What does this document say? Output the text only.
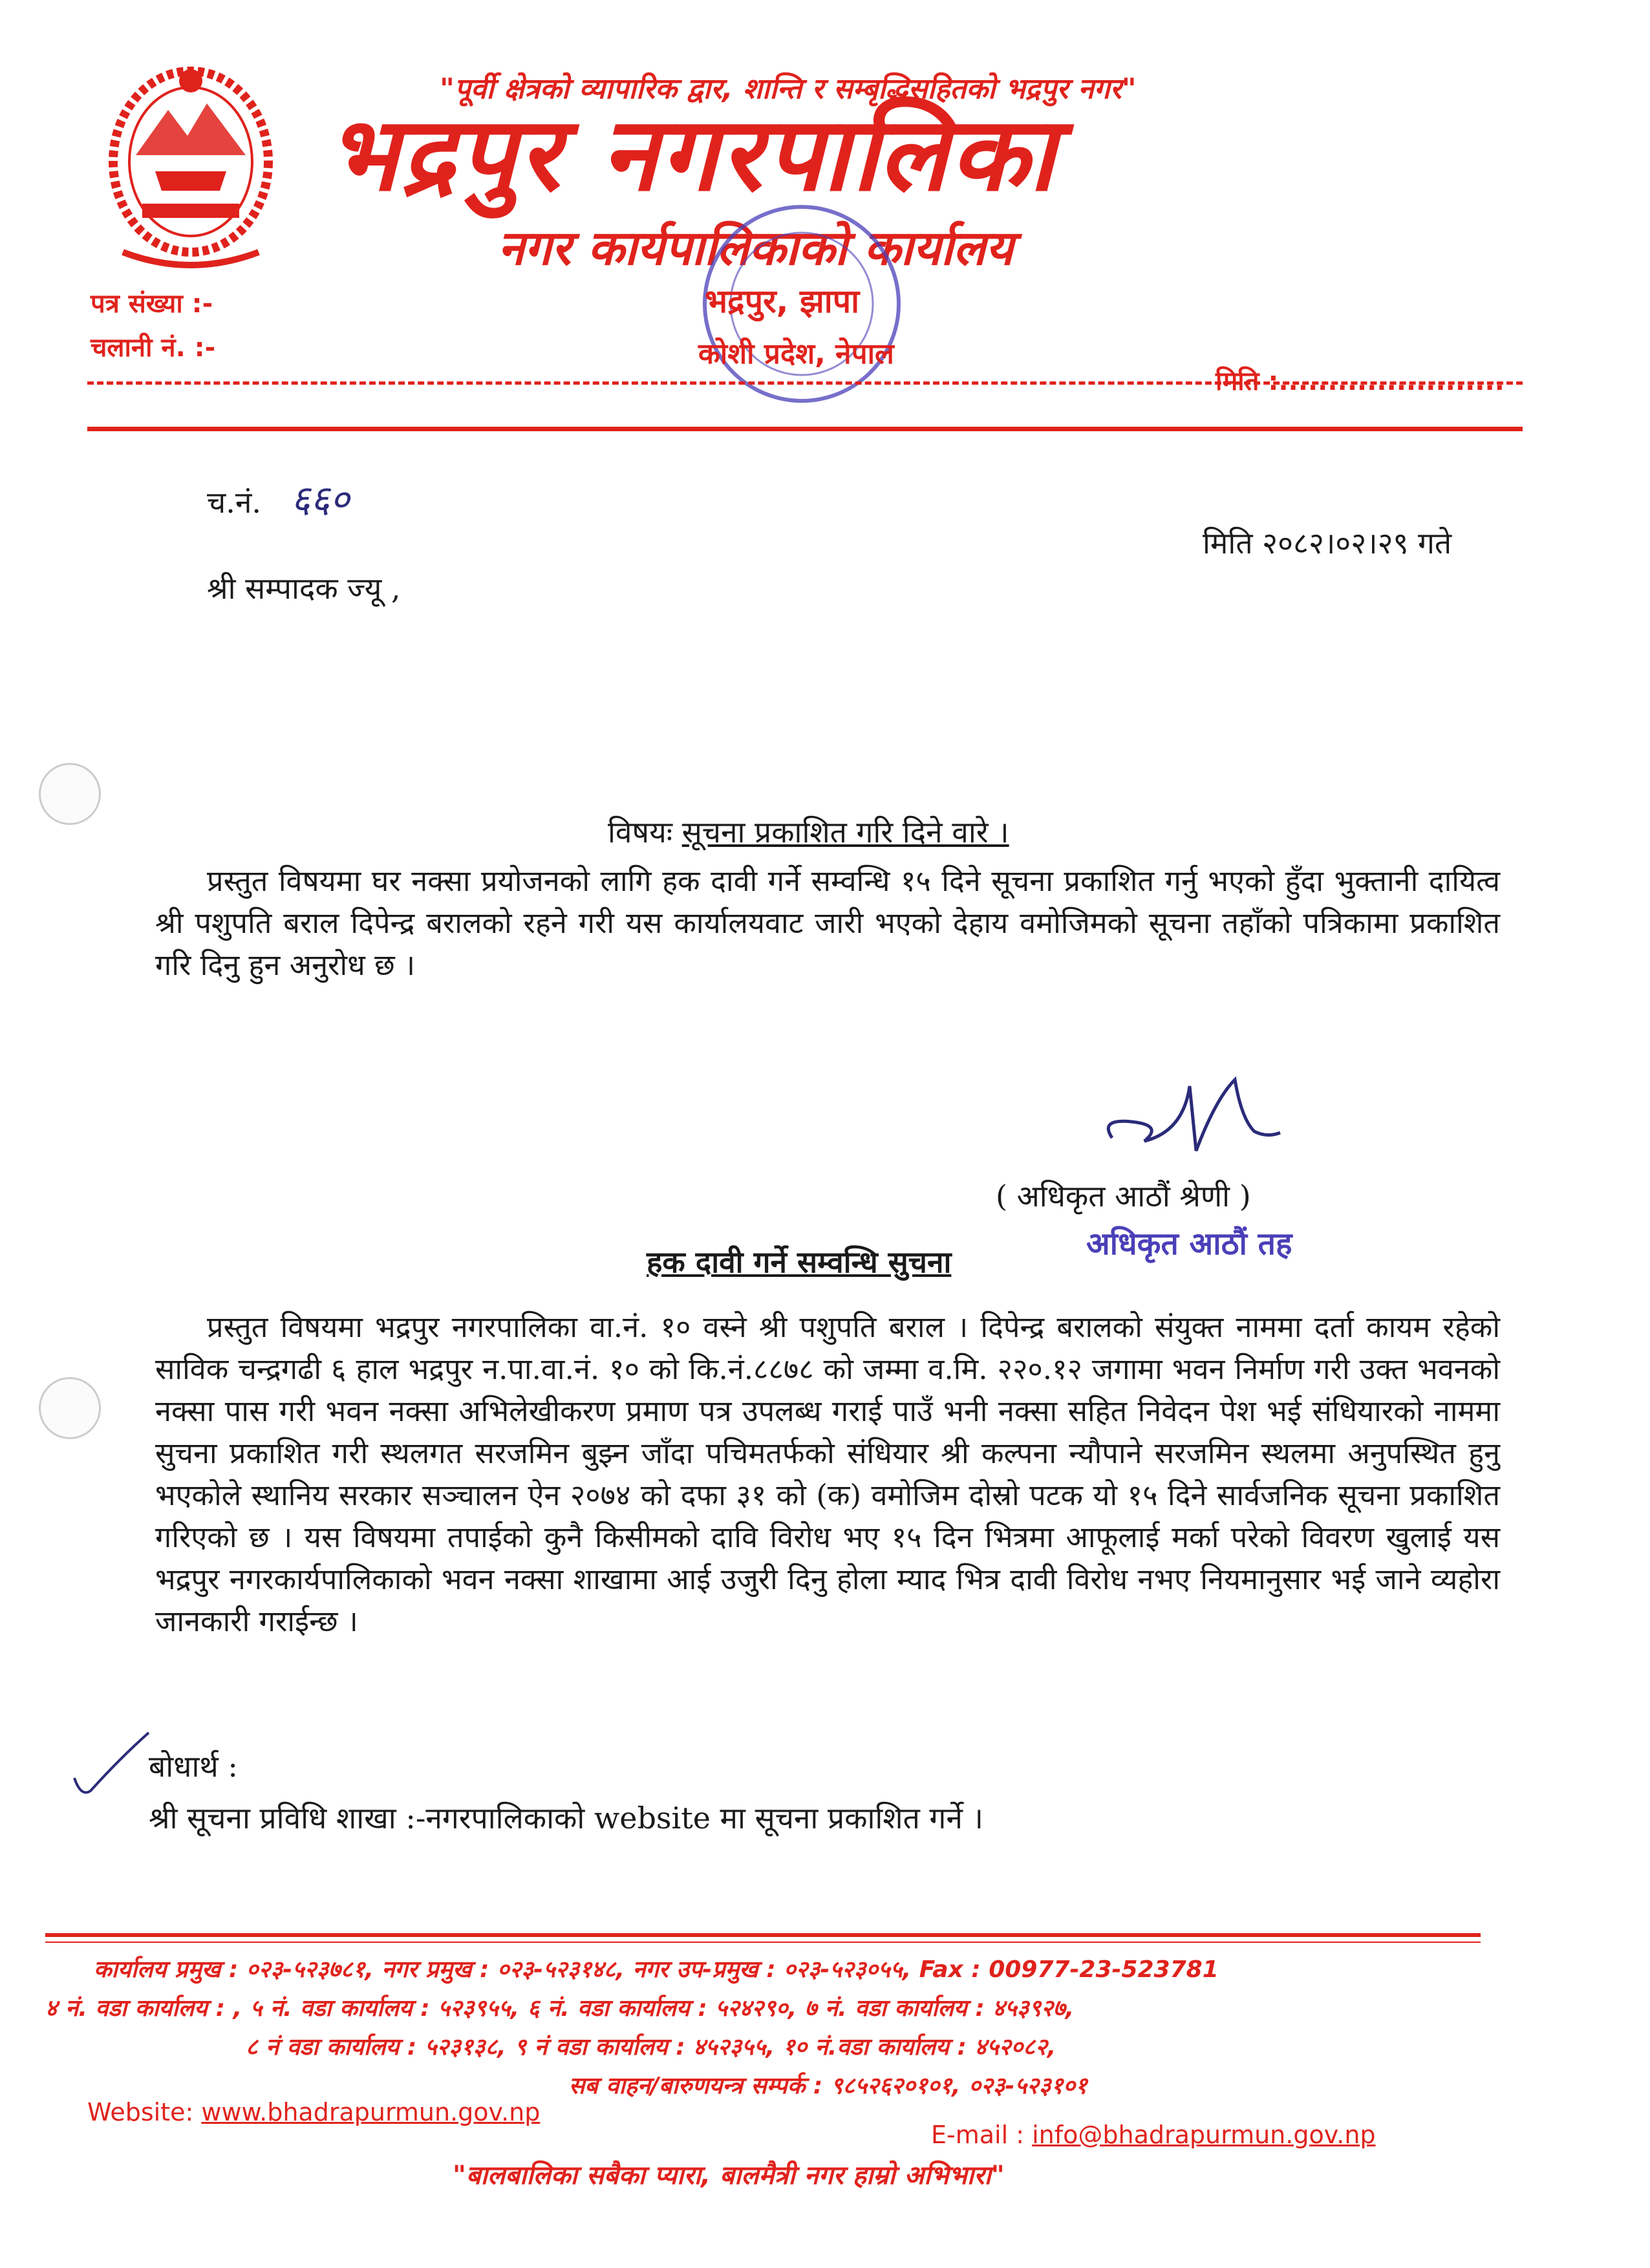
"पूर्वी क्षेत्रको व्यापारिक द्वार, शान्ति र सम्बृद्धिसहितको भद्रपुर नगर"
भद्रपुर नगरपालिका
नगर कार्यपालिकाको कार्यालय
भद्रपुर, झापा
कोशी प्रदेश, नेपाल
पत्र संख्या :-
चलानी नं. :-
मिति :.......................
च.नं. ६६०
मिति २०८२।०२।२९ गते
श्री सम्पादक ज्यू ,
विषयः सूचना प्रकाशित गरि दिने वारे ।
प्रस्तुत विषयमा घर नक्सा प्रयोजनको लागि हक दावी गर्ने सम्वन्धि १५ दिने सूचना प्रकाशित गर्नु भएको हुँदा भुक्तानी दायित्व श्री पशुपति बराल दिपेन्द्र बरालको रहने गरी यस कार्यालयवाट जारी भएको देहाय वमोजिमको सूचना तहाँको पत्रिकामा प्रकाशित गरि दिनु हुन अनुरोध छ ।
( अधिकृत आठौं श्रेणी )
अधिकृत आठौं तह
हक दावी गर्ने सम्वन्धि सुचना
प्रस्तुत विषयमा भद्रपुर नगरपालिका वा.नं. १० वस्ने श्री पशुपति बराल । दिपेन्द्र बरालको संयुक्त नाममा दर्ता कायम रहेको साविक चन्द्रगढी ६ हाल भद्रपुर न.पा.वा.नं. १० को कि.नं.८८७८ को जम्मा व.मि. २२०.१२ जगामा भवन निर्माण गरी उक्त भवनको नक्सा पास गरी भवन नक्सा अभिलेखीकरण प्रमाण पत्र उपलब्ध गराई पाउँ भनी नक्सा सहित निवेदन पेश भई संधियारको नाममा सुचना प्रकाशित गरी स्थलगत सरजमिन बुझ्न जाँदा पचिमतर्फको संधियार श्री कल्पना न्यौपाने सरजमिन स्थलमा अनुपस्थित हुनु भएकोले स्थानिय सरकार सञ्चालन ऐन २०७४ को दफा ३१ को (क) वमोजिम दोस्रो पटक यो १५ दिने सार्वजनिक सूचना प्रकाशित गरिएको छ । यस विषयमा तपाईको कुनै किसीमको दावि विरोध भए १५ दिन भित्रमा आफूलाई मर्का परेको विवरण खुलाई यस भद्रपुर नगरकार्यपालिकाको भवन नक्सा शाखामा आई उजुरी दिनु होला म्याद भित्र दावी विरोध नभए नियमानुसार भई जाने व्यहोरा जानकारी गराईन्छ ।
बोधार्थ :
श्री सूचना प्रविधि शाखा :-नगरपालिकाको website मा सूचना प्रकाशित गर्ने ।
कार्यालय प्रमुख : ०२३-५२३७८१, नगर प्रमुख : ०२३-५२३१४८, नगर उप-प्रमुख : ०२३-५२३०५५, Fax : 00977-23-523781
४ नं. वडा कार्यालय : , ५ नं. वडा कार्यालय : ५२३९५५, ६ नं. वडा कार्यालय : ५२४२९०, ७ नं. वडा कार्यालय : ४५३९२७,
८ नं वडा कार्यालय : ५२३१३८, ९ नं वडा कार्यालय : ४५२३५५, १० नं.वडा कार्यालय : ४५२०८२,
सब वाहन/बारुणयन्त्र सम्पर्क : ९८५२६२०१०१, ०२३-५२३१०१
Website: www.bhadrapurmun.gov.np
E-mail : info@bhadrapurmun.gov.np
"बालबालिका सबैका प्यारा, बालमैत्री नगर हाम्रो अभिभारा"
